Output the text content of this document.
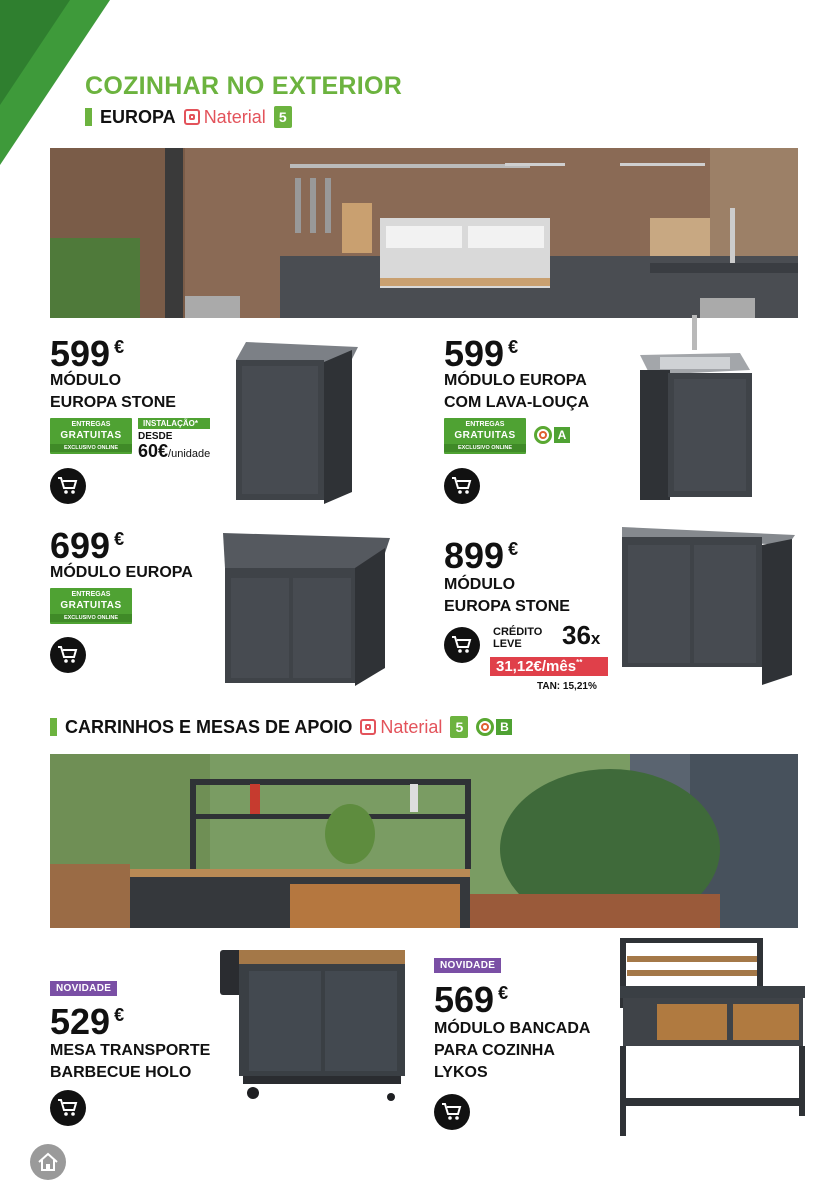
COZINHAR NO EXTERIOR
EUROPA Naterial 5
599 €
MÓDULO
EUROPA STONE
ENTREGAS
GRATUITAS
EXCLUSIVO ONLINE
INSTALAÇÃO*
DESDE
60€/unidade
599 €
MÓDULO EUROPA
COM LAVA-LOUÇA
ENTREGAS
GRATUITAS
EXCLUSIVO ONLINE
A
699 €
MÓDULO EUROPA
ENTREGAS
GRATUITAS
EXCLUSIVO ONLINE
899 €
MÓDULO
EUROPA STONE
CRÉDITO
LEVE	36x
31,12€/mês**
TAN: 15,21%
CARRINHOS E MESAS DE APOIO Naterial 5	B
NOVIDADE
529 €
MESA TRANSPORTE
BARBECUE HOLO
NOVIDADE
569 €
MÓDULO BANCADA
PARA COZINHA
LYKOS
